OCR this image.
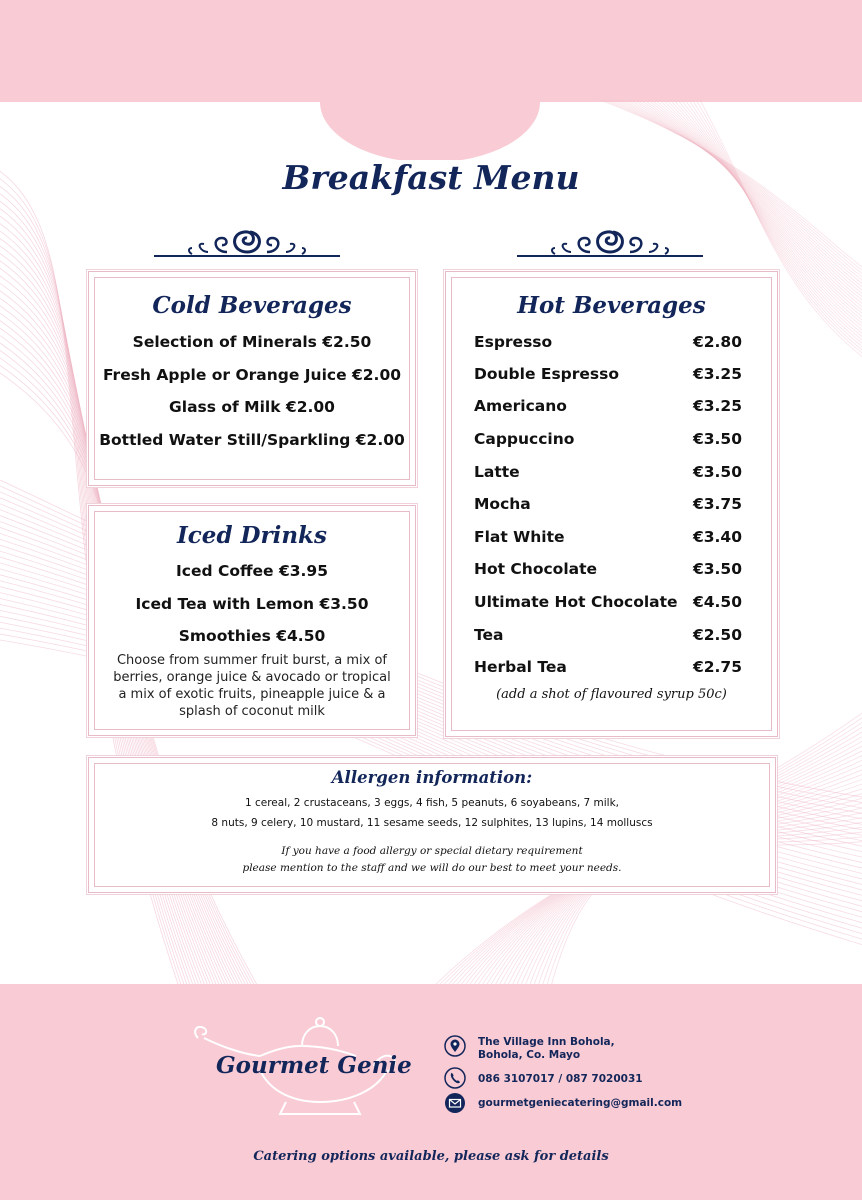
Breakfast Menu
Cold Beverages
Selection of Minerals €2.50
Fresh Apple or Orange Juice €2.00
Glass of Milk €2.00
Bottled Water Still/Sparkling €2.00
Iced Drinks
Iced Coffee €3.95
Iced Tea with Lemon €3.50
Smoothies €4.50
Choose from summer fruit burst, a mix of
berries, orange juice & avocado or tropical
a mix of exotic fruits, pineapple juice & a
splash of coconut milk
Hot Beverages
Espresso	€2.80
Double Espresso	€3.25
Americano	€3.25
Cappuccino	€3.50
Latte	€3.50
Mocha	€3.75
Flat White	€3.40
Hot Chocolate	€3.50
Ultimate Hot Chocolate €4.50
Tea	€2.50
Herbal Tea	€2.75
(add a shot of flavoured syrup 50c)
Allergen information:
1 cereal, 2 crustaceans, 3 eggs, 4 fish, 5 peanuts, 6 soyabeans, 7 milk,
8 nuts, 9 celery, 10 mustard, 11 sesame seeds, 12 sulphites, 13 lupins, 14 molluscs
If you have a food allergy or special dietary requirement
please mention to the staff and we will do our best to meet your needs.
Gourmet Genie
The Village Inn Bohola,
Bohola, Co. Mayo
086 3107017 / 087 7020031
gourmetgeniecatering@gmail.com
Catering options available, please ask for details
